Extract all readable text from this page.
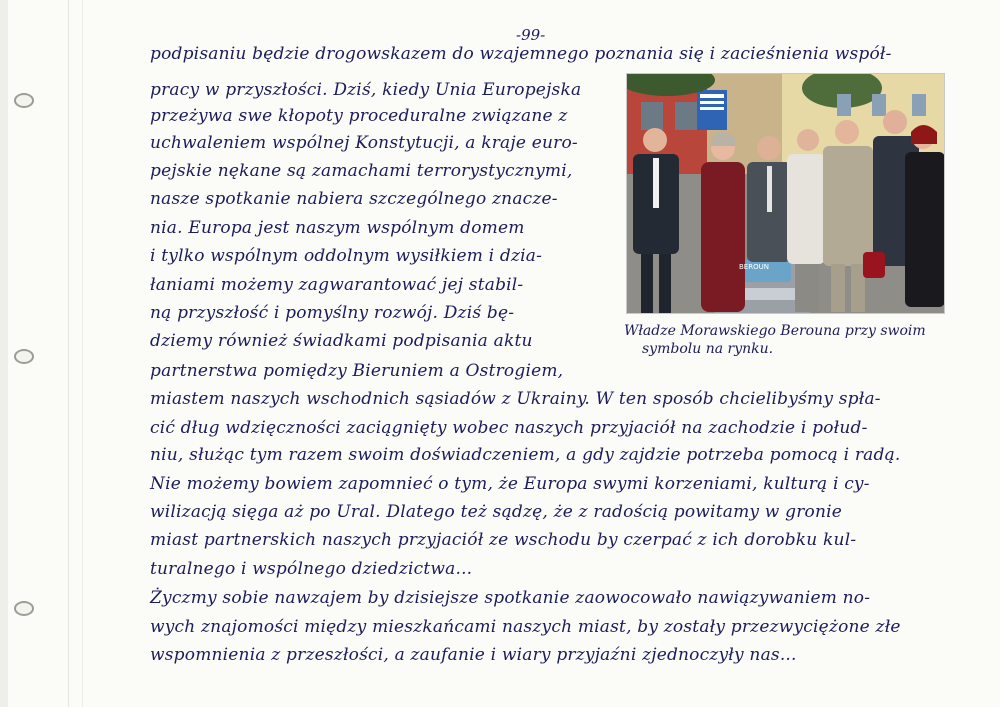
-99-
podpisaniu będzie drogowskazem do wzajemnego poznania się i zacieśnienia współ-
pracy w przyszłości. Dziś, kiedy Unia Europejska
przeżywa swe kłopoty proceduralne związane z
uchwaleniem wspólnej Konstytucji, a kraje euro-
pejskie nękane są zamachami terrorystycznymi,
nasze spotkanie nabiera szczególnego znacze-
nia. Europa jest naszym wspólnym domem
i tylko wspólnym oddolnym wysiłkiem i dzia-
łaniami możemy zagwarantować jej stabil-
ną przyszłość i pomyślny rozwój. Dziś bę-
dziemy również świadkami podpisania aktu
partnerstwa pomiędzy Bieruniem a Ostrogiem,
miastem naszych wschodnich sąsiadów z Ukrainy. W ten sposób chcielibyśmy spła-
cić dług wdzięczności zaciągnięty wobec naszych przyjaciół na zachodzie i połud-
niu, służąc tym razem swoim doświadczeniem, a gdy zajdzie potrzeba pomocą i radą.
Nie możemy bowiem zapomnieć o tym, że Europa swymi korzeniami, kulturą i cy-
wilizacją sięga aż po Ural. Dlatego też sądzę, że z radością powitamy w gronie
miast partnerskich naszych przyjaciół ze wschodu by czerpać z ich dorobku kul-
turalnego i wspólnego dziedzictwa...
Życzmy sobie nawzajem by dzisiejsze spotkanie zaowocowało nawiązywaniem no-
wych znajomości między mieszkańcami naszych miast, by zostały przezwyciężone złe
wspomnienia z przeszłości, a zaufanie i wiary przyjaźni zjednoczyły nas...
BEROUN
Władze Morawskiego Berouna przy swoim
symbolu na rynku.
